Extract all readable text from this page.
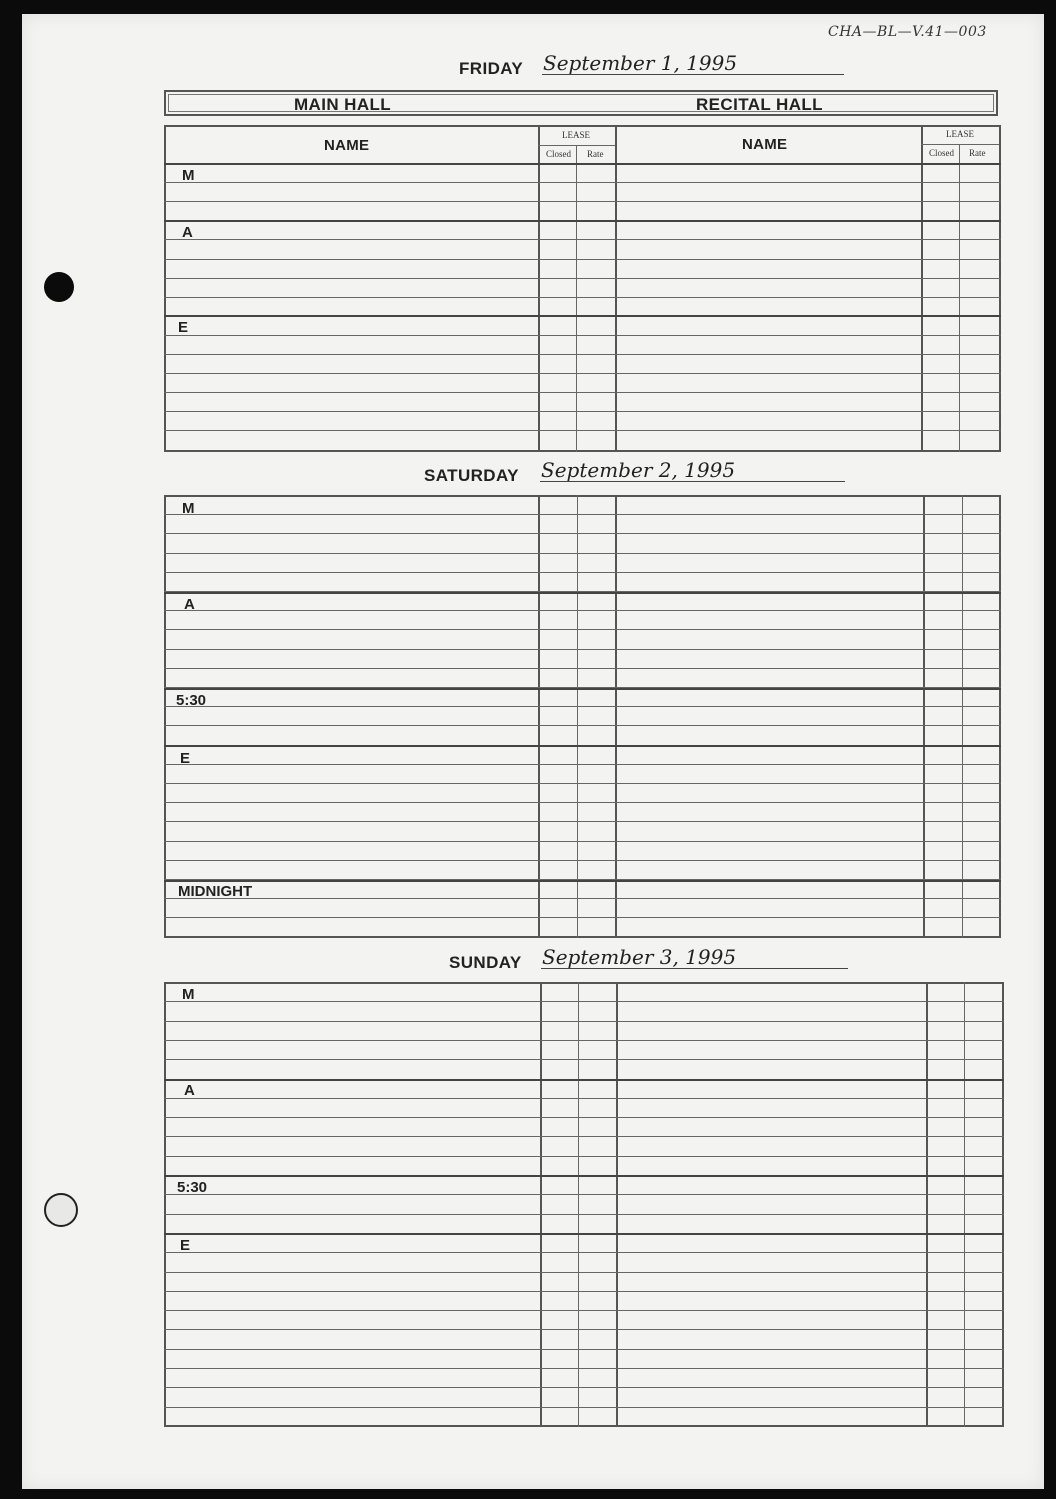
CHA—BL—V.41—003
FRIDAY September 1, 1995
MAIN HALL	RECITAL HALL
NAME	NAME
LEASE
Closed Rate
LEASE
Closed Rate
M
A
E
SATURDAY September 2, 1995
M
A
5:30
E
MIDNIGHT
SUNDAY September 3, 1995
M
A
5:30
E
